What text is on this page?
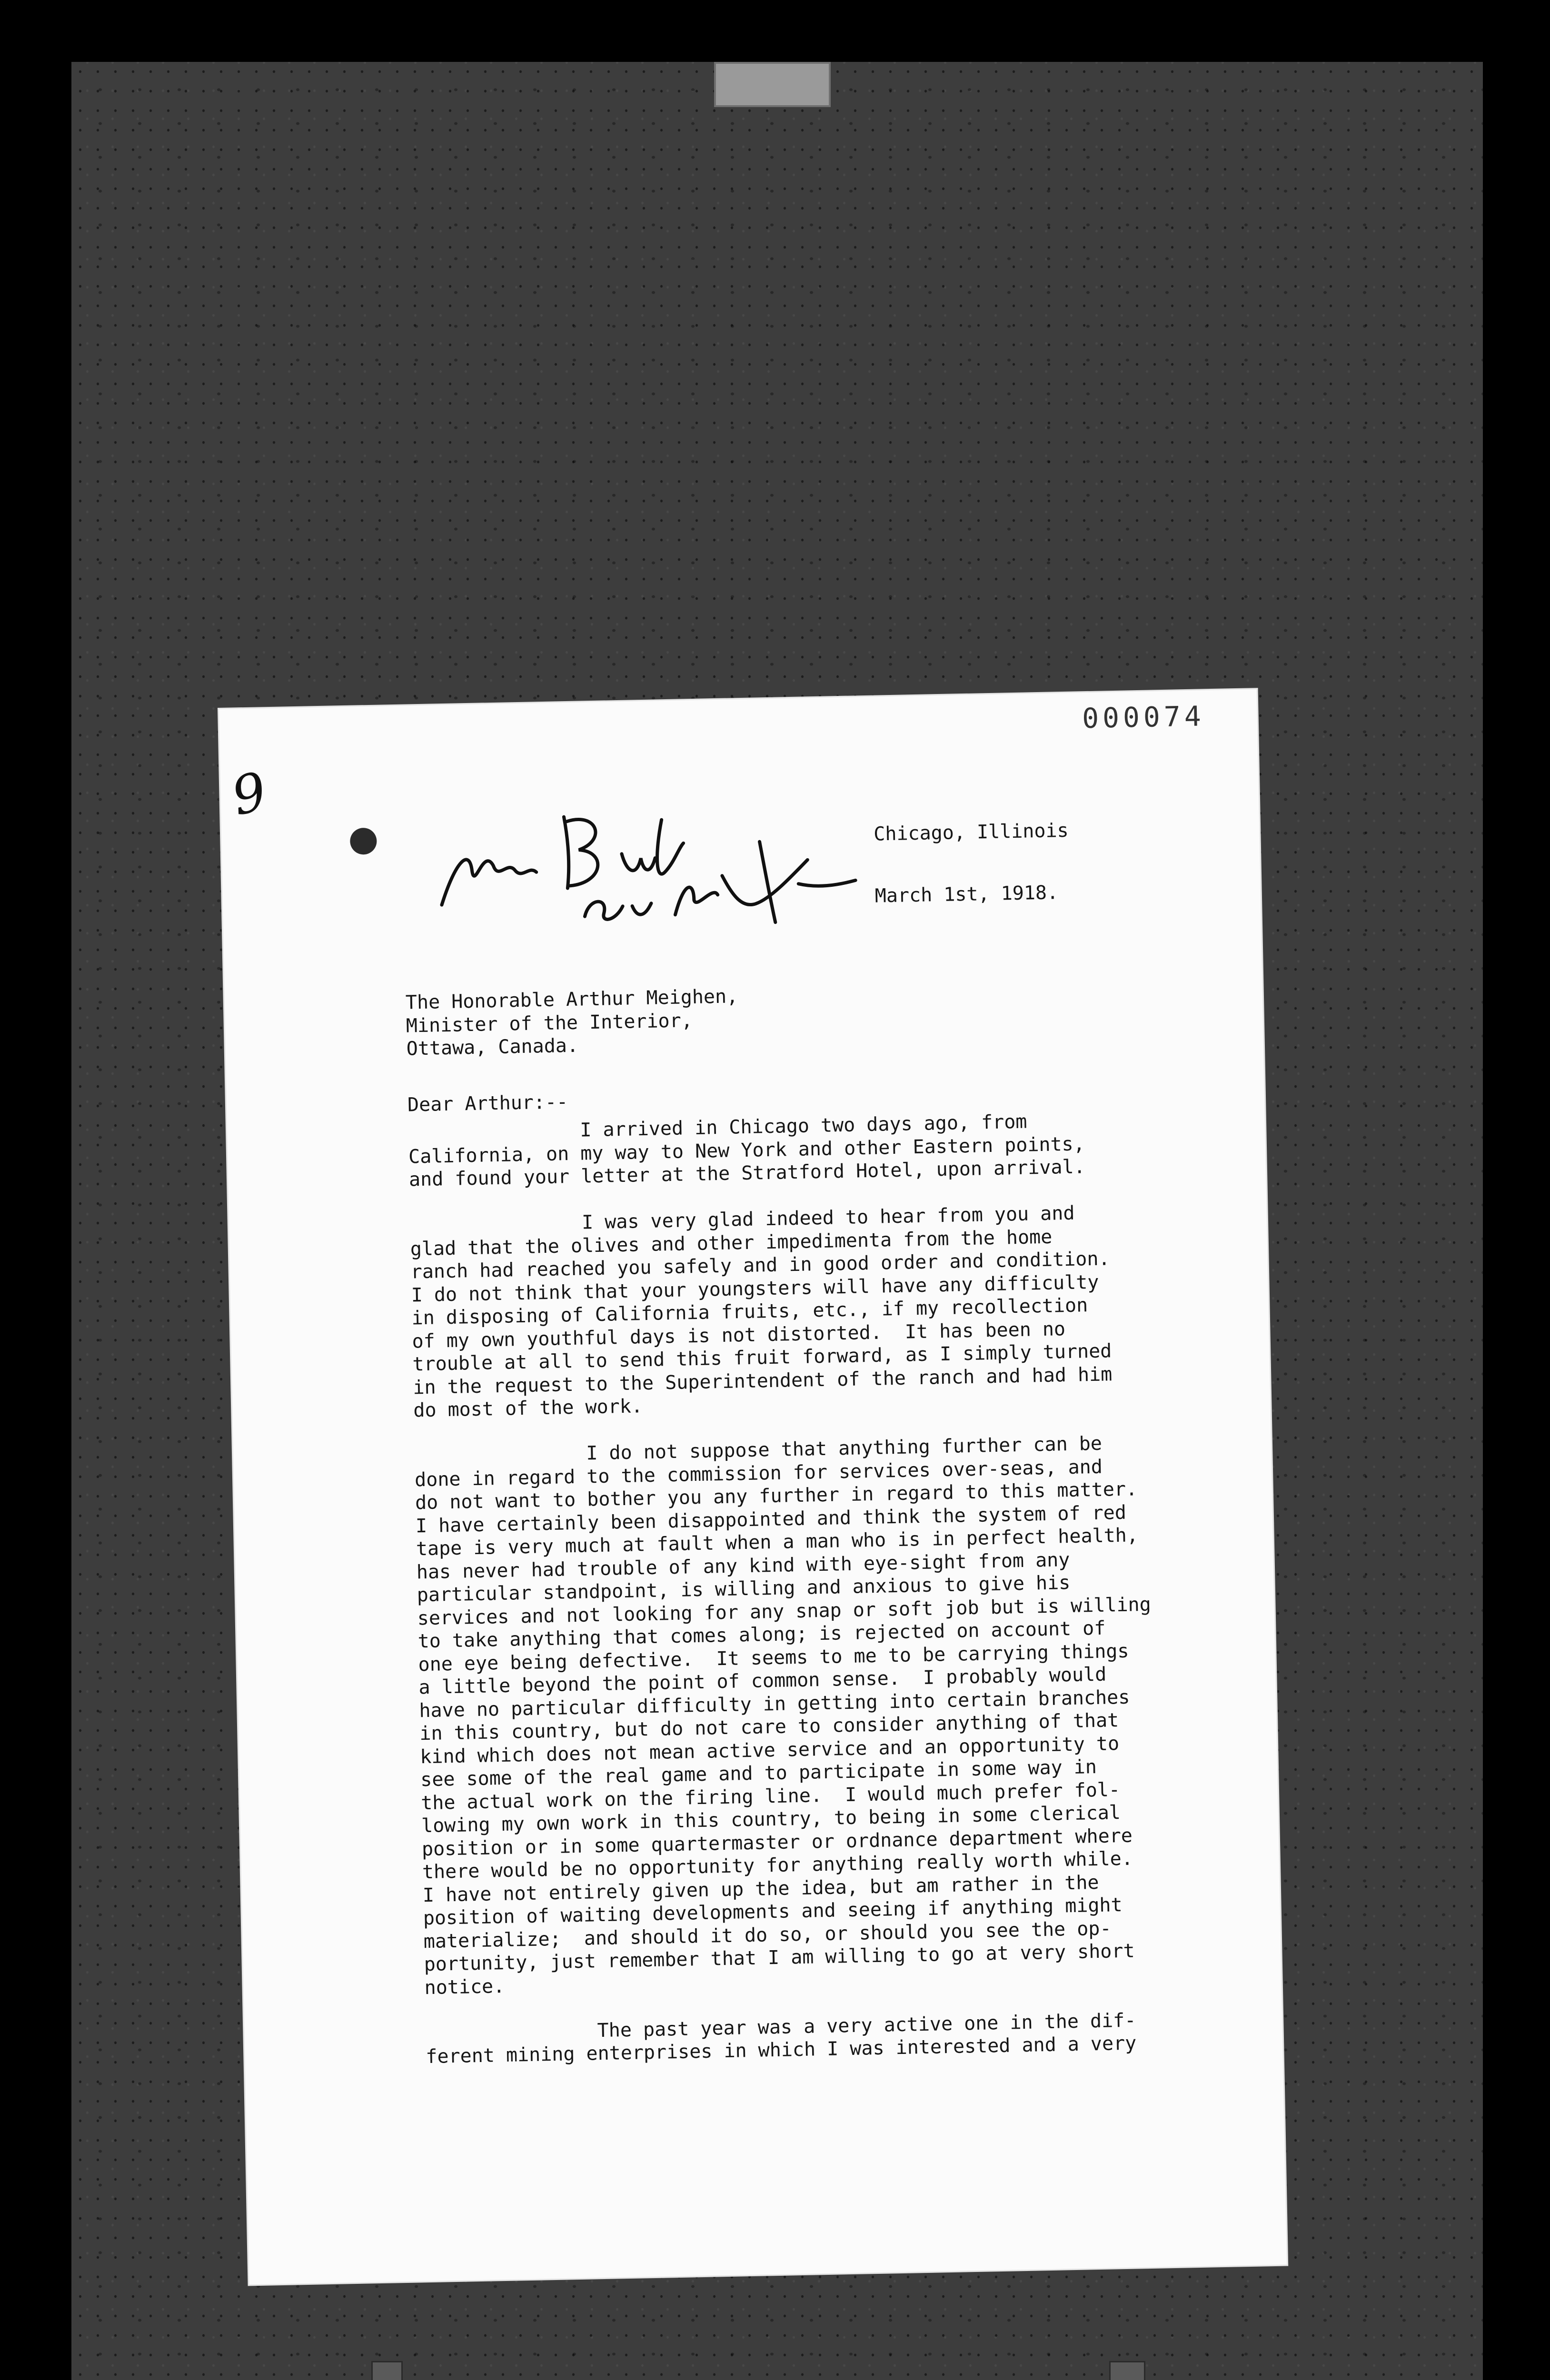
000074
9
Chicago, Illinois
March 1st, 1918.
The Honorable Arthur Meighen,
Minister of the Interior,
Ottawa, Canada.
Dear Arthur:--
I arrived in Chicago two days ago, from
California, on my way to New York and other Eastern points,
and found your letter at the Stratford Hotel, upon arrival.

I was very glad indeed to hear from you and
glad that the olives and other impedimenta from the home
ranch had reached you safely and in good order and condition.
I do not think that your youngsters will have any difficulty
in disposing of California fruits, etc., if my recollection
of my own youthful days is not distorted.  It has been no
trouble at all to send this fruit forward, as I simply turned
in the request to the Superintendent of the ranch and had him
do most of the work.

I do not suppose that anything further can be
done in regard to the commission for services over-seas, and
do not want to bother you any further in regard to this matter.
I have certainly been disappointed and think the system of red
tape is very much at fault when a man who is in perfect health,
has never had trouble of any kind with eye-sight from any
particular standpoint, is willing and anxious to give his
services and not looking for any snap or soft job but is willing
to take anything that comes along; is rejected on account of
one eye being defective.  It seems to me to be carrying things
a little beyond the point of common sense.  I probably would
have no particular difficulty in getting into certain branches
in this country, but do not care to consider anything of that
kind which does not mean active service and an opportunity to
see some of the real game and to participate in some way in
the actual work on the firing line.  I would much prefer fol-
lowing my own work in this country, to being in some clerical
position or in some quartermaster or ordnance department where
there would be no opportunity for anything really worth while.
I have not entirely given up the idea, but am rather in the
position of waiting developments and seeing if anything might
materialize;  and should it do so, or should you see the op-
portunity, just remember that I am willing to go at very short
notice.

The past year was a very active one in the dif-
ferent mining enterprises in which I was interested and a very
